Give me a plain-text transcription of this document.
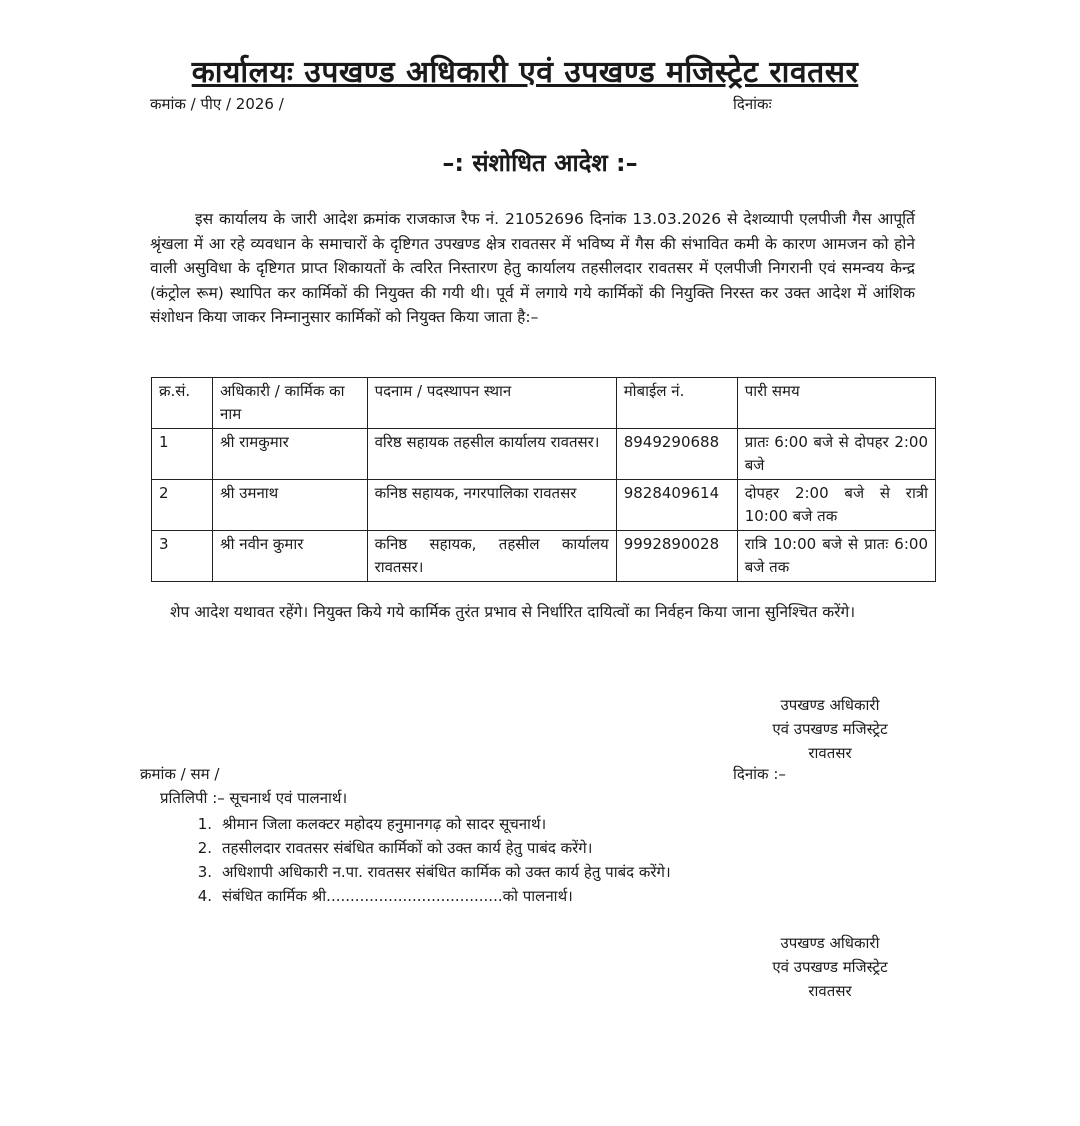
कार्यालयः उपखण्ड अधिकारी एवं उपखण्ड मजिस्ट्रेट रावतसर
कमांक / पीए / 2026 /	दिनांकः
–: संशोधित आदेश :–

इस कार्यालय के जारी आदेश क्रमांक राजकाज रैफ नं. 21052696 दिनांक 13.03.2026 से देशव्यापी एलपीजी गैस आपूर्ति श्रृंखला में आ रहे व्यवधान के समाचारों के दृष्टिगत उपखण्ड क्षेत्र रावतसर में भविष्य में गैस की संभावित कमी के कारण आमजन को होने वाली असुविधा के दृष्टिगत प्राप्त शिकायतों के त्वरित निस्तारण हेतु कार्यालय तहसीलदार रावतसर में एलपीजी निगरानी एवं समन्वय केन्द्र (कंट्रोल रूम) स्थापित कर कार्मिकों की नियुक्त की गयी थी। पूर्व में लगाये गये कार्मिकों की नियुक्ति निरस्त कर उक्त आदेश में आंशिक संशोधन किया जाकर निम्नानुसार कार्मिकों को नियुक्त किया जाता है:–

क्र.सं.	अधिकारी / कार्मिक का नाम	पदनाम / पदस्थापन स्थान	मोबाईल नं.	पारी समय
1	श्री रामकुमार	वरिष्ठ सहायक तहसील कार्यालय रावतसर।	8949290688	प्रातः 6:00 बजे से दोपहर 2:00 बजे
2	श्री उमनाथ	कनिष्ठ सहायक, नगरपालिका रावतसर	9828409614	दोपहर 2:00 बजे से रात्री 10:00 बजे तक
3	श्री नवीन कुमार	कनिष्ठ सहायक, तहसील कार्यालय रावतसर।	9992890028	रात्रि 10:00 बजे से प्रातः 6:00 बजे तक

शेप आदेश यथावत रहेंगे। नियुक्त किये गये कार्मिक तुरंत प्रभाव से निर्धारित दायित्वों का निर्वहन किया जाना सुनिश्चित करेंगे।

उपखण्ड अधिकारी
एवं उपखण्ड मजिस्ट्रेट
रावतसर
क्रमांक / सम /	दिनांक :–
प्रतिलिपी :– सूचनार्थ एवं पालनार्थ।
1. श्रीमान जिला कलक्टर महोदय हनुमानगढ़ को सादर सूचनार्थ।
2. तहसीलदार रावतसर संबंधित कार्मिकों को उक्त कार्य हेतु पाबंद करेंगे।
3. अधिशापी अधिकारी न.पा. रावतसर संबंधित कार्मिक को उक्त कार्य हेतु पाबंद करेंगे।
4. संबंधित कार्मिक श्री.....................................को पालनार्थ।
उपखण्ड अधिकारी
एवं उपखण्ड मजिस्ट्रेट
रावतसर
